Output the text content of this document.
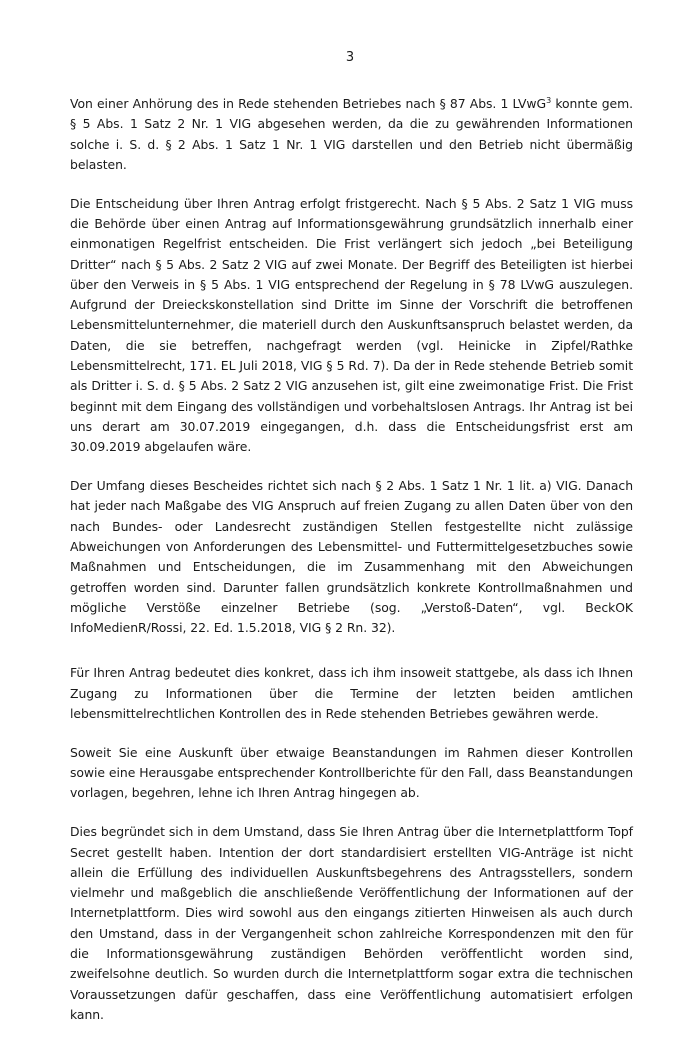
3

Von einer Anhörung des in Rede stehenden Betriebes nach § 87 Abs. 1 LVwG$^3$ konnte gem. § 5 Abs. 1 Satz 2 Nr. 1 VIG abgesehen werden, da die zu gewährenden Informationen solche i. S. d. § 2 Abs. 1 Satz 1 Nr. 1 VIG darstellen und den Betrieb nicht übermäßig belasten.

Die Entscheidung über Ihren Antrag erfolgt fristgerecht. Nach § 5 Abs. 2 Satz 1 VIG muss die Behörde über einen Antrag auf Informationsgewährung grundsätzlich innerhalb einer einmonatigen Regelfrist entscheiden. Die Frist verlängert sich jedoch „bei Beteiligung Dritter“ nach § 5 Abs. 2 Satz 2 VIG auf zwei Monate. Der Begriff des Beteiligten ist hierbei über den Verweis in § 5 Abs. 1 VIG entsprechend der Regelung in § 78 LVwG auszulegen. Aufgrund der Dreieckskonstellation sind Dritte im Sinne der Vorschrift die betroffenen Lebensmittelunternehmer, die materiell durch den Auskunftsanspruch belastet werden, da Daten, die sie betreffen, nachgefragt werden (vgl. Heinicke in Zipfel/Rathke Lebensmittelrecht, 171. EL Juli 2018, VIG § 5 Rd. 7). Da der in Rede stehende Betrieb somit als Dritter i. S. d. § 5 Abs. 2 Satz 2 VIG anzusehen ist, gilt eine zweimonatige Frist. Die Frist beginnt mit dem Eingang des vollständigen und vorbehaltslosen Antrags. Ihr Antrag ist bei uns derart am 30.07.2019 eingegangen, d.h. dass die Entscheidungsfrist erst am 30.09.2019 abgelaufen wäre.

Der Umfang dieses Bescheides richtet sich nach § 2 Abs. 1 Satz 1 Nr. 1 lit. a) VIG. Danach hat jeder nach Maßgabe des VIG Anspruch auf freien Zugang zu allen Daten über von den nach Bundes- oder Landesrecht zuständigen Stellen festgestellte nicht zulässige Abweichungen von Anforderungen des Lebensmittel- und Futtermittelgesetzbuches sowie Maßnahmen und Entscheidungen, die im Zusammenhang mit den Abweichungen getroffen worden sind. Darunter fallen grundsätzlich konkrete Kontrollmaßnahmen und mögliche Verstöße einzelner Betriebe (sog. „Verstoß-Daten“, vgl. BeckOK InfoMedienR/Rossi, 22. Ed. 1.5.2018, VIG § 2 Rn. 32).

Für Ihren Antrag bedeutet dies konkret, dass ich ihm insoweit stattgebe, als dass ich Ihnen Zugang zu Informationen über die Termine der letzten beiden amtlichen lebensmittelrechtlichen Kontrollen des in Rede stehenden Betriebes gewähren werde.

Soweit Sie eine Auskunft über etwaige Beanstandungen im Rahmen dieser Kontrollen sowie eine Herausgabe entsprechender Kontrollberichte für den Fall, dass Beanstandungen vorlagen, begehren, lehne ich Ihren Antrag hingegen ab.

Dies begründet sich in dem Umstand, dass Sie Ihren Antrag über die Internetplattform Topf Secret gestellt haben. Intention der dort standardisiert erstellten VIG-Anträge ist nicht allein die Erfüllung des individuellen Auskunftsbegehrens des Antragsstellers, sondern vielmehr und maßgeblich die anschließende Veröffentlichung der Informationen auf der Internetplattform. Dies wird sowohl aus den eingangs zitierten Hinweisen als auch durch den Umstand, dass in der Vergangenheit schon zahlreiche Korrespondenzen mit den für die Informationsgewährung zuständigen Behörden veröffentlicht worden sind, zweifelsohne deutlich. So wurden durch die Internetplattform sogar extra die technischen Voraussetzungen dafür geschaffen, dass eine Veröffentlichung automatisiert erfolgen kann.
